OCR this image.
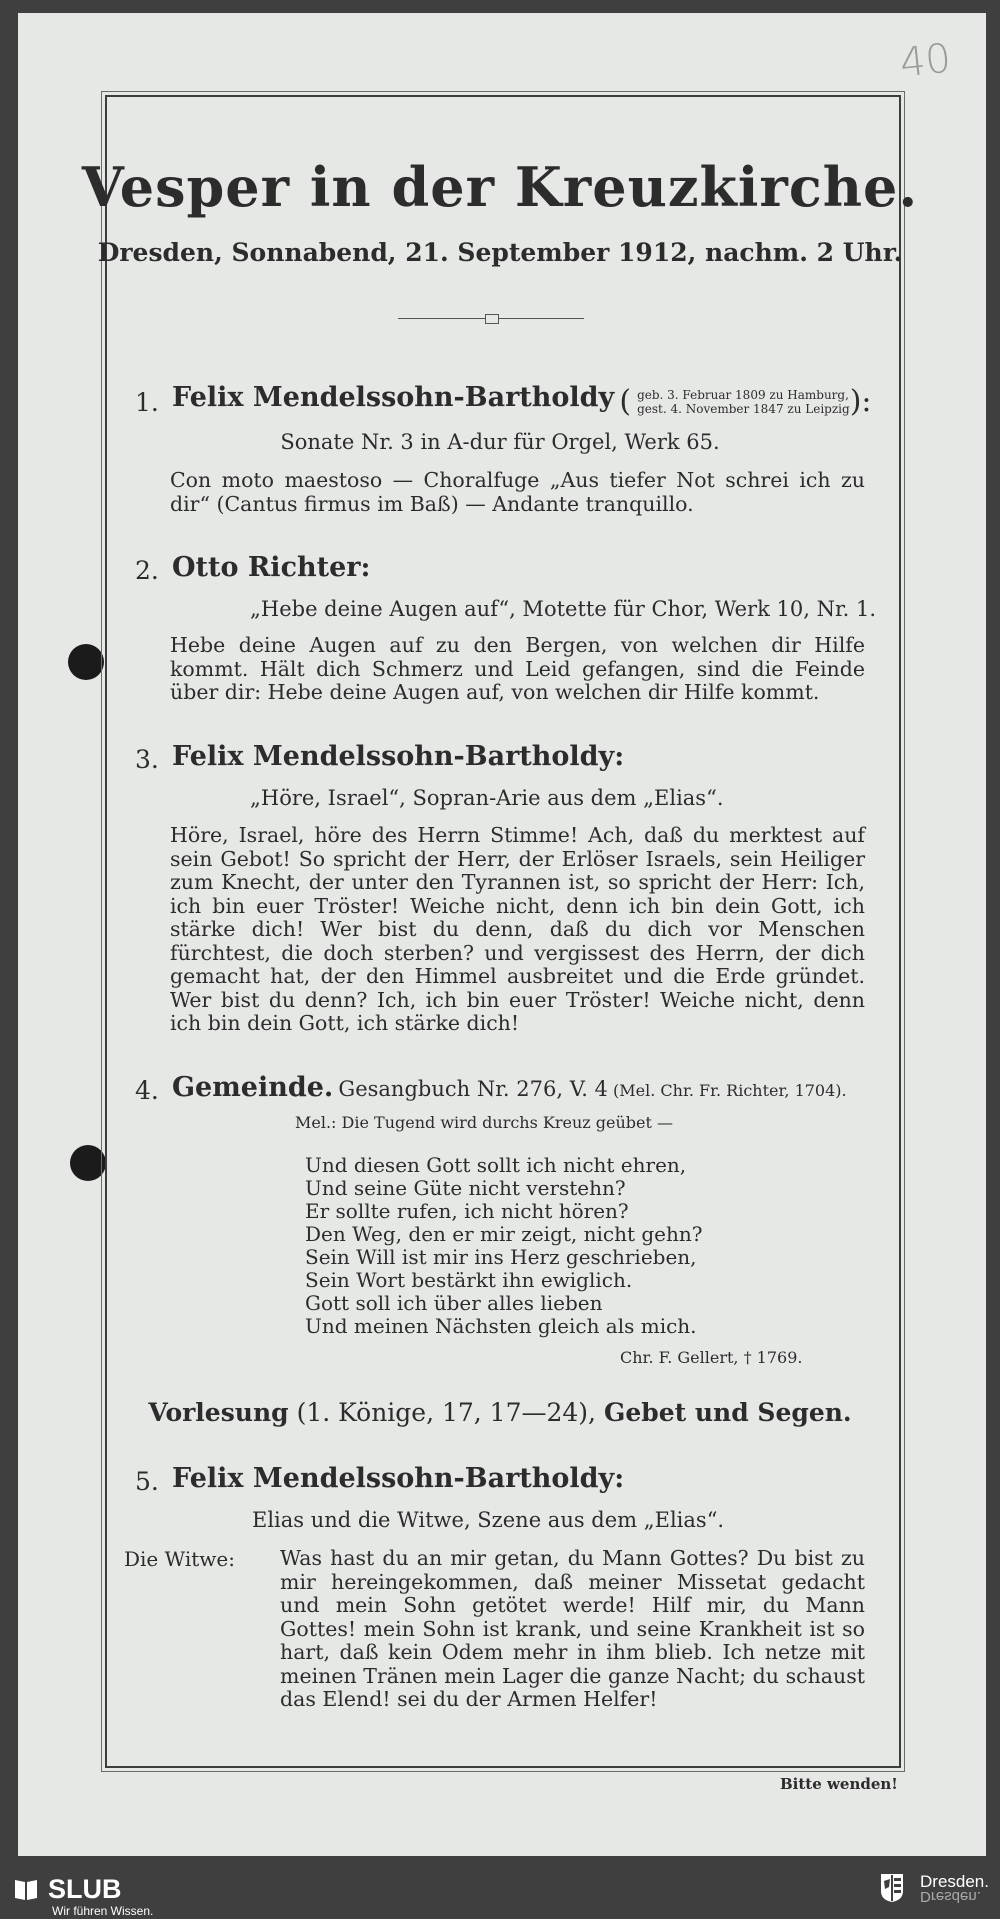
40
Vesper in der Kreuzkirche.
Dresden, Sonnabend, 21. September 1912, nachm. 2 Uhr.
1. Felix Mendelssohn-Bartholdy ( geb. 3. Februar 1809 zu Hamburg,
gest. 4. November 1847 zu Leipzig):
Sonate Nr. 3 in A-dur für Orgel, Werk 65.
Con moto maestoso — Choralfuge „Aus tiefer Not schrei ich zu dir“ (Cantus firmus im Baß) — Andante tranquillo.
2. Otto Richter:
„Hebe deine Augen auf“, Motette für Chor, Werk 10, Nr. 1.
Hebe deine Augen auf zu den Bergen, von welchen dir Hilfe kommt. Hält dich Schmerz und Leid gefangen, sind die Feinde über dir: Hebe deine Augen auf, von welchen dir Hilfe kommt.
3. Felix Mendelssohn-Bartholdy:
„Höre, Israel“, Sopran-Arie aus dem „Elias“.
Höre, Israel, höre des Herrn Stimme! Ach, daß du merktest auf sein Gebot! So spricht der Herr, der Erlöser Israels, sein Heiliger zum Knecht, der unter den Tyrannen ist, so spricht der Herr: Ich, ich bin euer Tröster! Weiche nicht, denn ich bin dein Gott, ich stärke dich! Wer bist du denn, daß du dich vor Menschen fürchtest, die doch sterben? und vergissest des Herrn, der dich gemacht hat, der den Himmel ausbreitet und die Erde gründet. Wer bist du denn? Ich, ich bin euer Tröster! Weiche nicht, denn ich bin dein Gott, ich stärke dich!
4. Gemeinde. Gesangbuch Nr. 276, V. 4 (Mel. Chr. Fr. Richter, 1704).
Mel.: Die Tugend wird durchs Kreuz geübet —
Und diesen Gott sollt ich nicht ehren,
Und seine Güte nicht verstehn?
Er sollte rufen, ich nicht hören?
Den Weg, den er mir zeigt, nicht gehn?
Sein Will ist mir ins Herz geschrieben,
Sein Wort bestärkt ihn ewiglich.
Gott soll ich über alles lieben
Und meinen Nächsten gleich als mich.
Chr. F. Gellert, † 1769.
Vorlesung (1. Könige, 17, 17—24), Gebet und Segen.
5. Felix Mendelssohn-Bartholdy:
Elias und die Witwe, Szene aus dem „Elias“.
Die Witwe: Was hast du an mir getan, du Mann Gottes? Du bist zu mir hereingekommen, daß meiner Missetat gedacht und mein Sohn getötet werde! Hilf mir, du Mann Gottes! mein Sohn ist krank, und seine Krankheit ist so hart, daß kein Odem mehr in ihm blieb. Ich netze mit meinen Tränen mein Lager die ganze Nacht; du schaust das Elend! sei du der Armen Helfer!
Bitte wenden!
SLUB
Wir führen Wissen.
Dresden.
Dresden.
